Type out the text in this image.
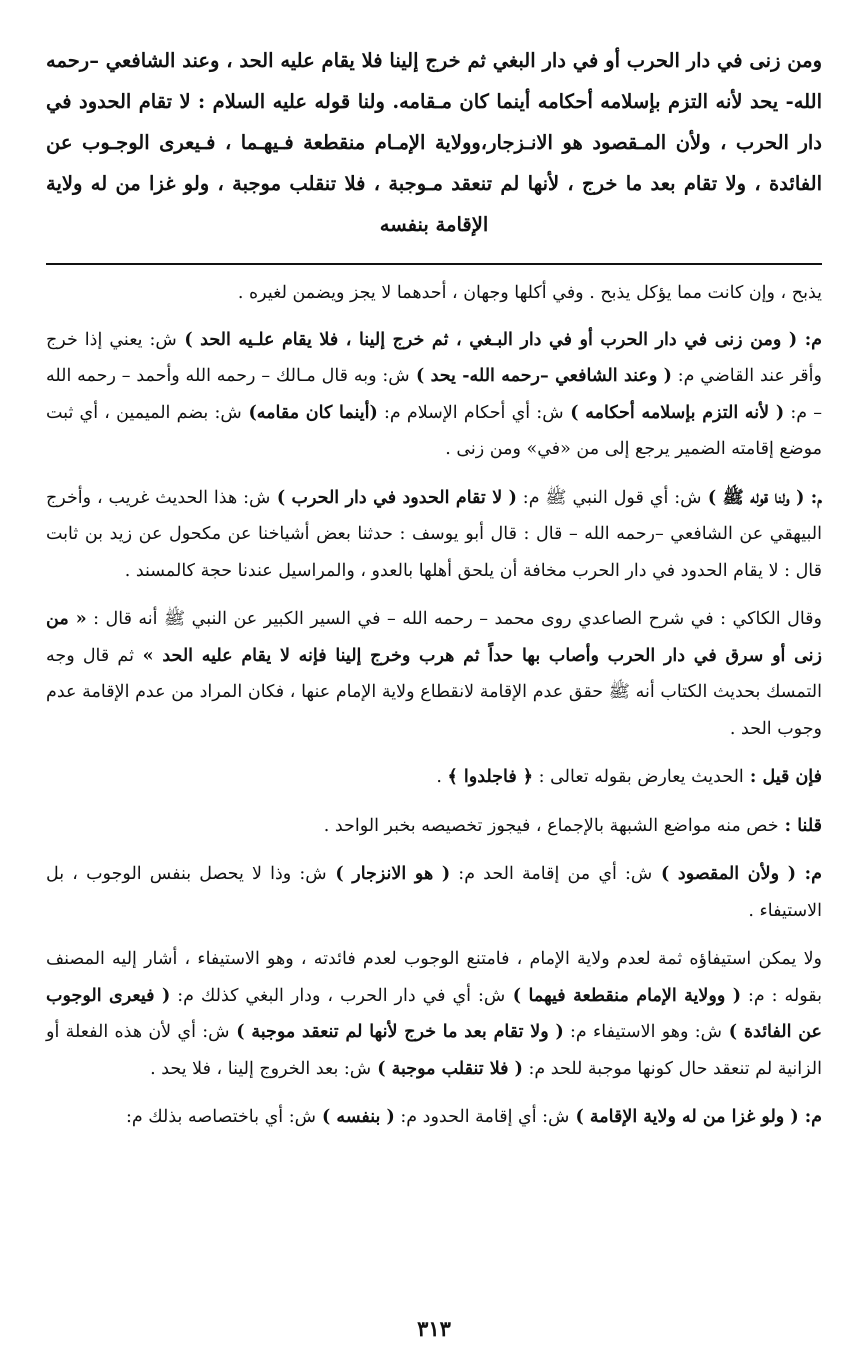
ومن زنى في دار الحرب أو في دار البغي ثم خرج إلينا فلا يقام عليه الحد ، وعند الشافعي –رحمه الله- يحد لأنه التزم بإسلامه أحكامه أينما كان مـقامه. ولنا قوله عليه السلام : لا تقام الحدود في دار الحرب ، ولأن المـقصود هو الانـزجار،وولاية الإمـام منقطعة فـيهـما ، فـيعرى الوجـوب عن الفائدة ، ولا تقام بعد ما خرج ، لأنها لم تنعقد مـوجبة ، فلا تنقلب موجبة ، ولو غزا من له ولاية الإقامة بنفسه

يذبح ، وإن كانت مما يؤكل يذبح . وفي أكلها وجهان ، أحدهما لا يجز ويضمن لغيره .

م: ( ومن زنى في دار الحرب أو في دار البـغي ، ثم خرج إلينا ، فلا يقام علـيه الحد ) ش: يعني إذا خرج وأقر عند القاضي م: ( وعند الشافعي –رحمه الله- يحد ) ش: وبه قال مـالك – رحمه الله وأحمد – رحمه الله – م: ( لأنه التزم بإسلامه أحكامه ) ش: أي أحكام الإسلام م: (أينما كان مقامه) ش: بضم الميمين ، أي ثبت موضع إقامته الضمير يرجع إلى من «في» ومن زنى .

م: ( ولنا قوله ﷺ ) ش: أي قول النبي ﷺ م: ( لا تقام الحدود في دار الحرب ) ش: هذا الحديث غريب ، وأخرج البيهقي عن الشافعي –رحمه الله – قال : قال أبو يوسف : حدثنا بعض أشياخنا عن مكحول عن زيد بن ثابت قال : لا يقام الحدود في دار الحرب مخافة أن يلحق أهلها بالعدو ، والمراسيل عندنا حجة كالمسند .

وقال الكاكي : في شرح الصاعدي روى محمد – رحمه الله – في السير الكبير عن النبي ﷺ أنه قال : « من زنى أو سرق في دار الحرب وأصاب بها حداً ثم هرب وخرج إلينا فإنه لا يقام عليه الحد » ثم قال وجه التمسك بحديث الكتاب أنه ﷺ حقق عدم الإقامة لانقطاع ولاية الإمام عنها ، فكان المراد من عدم الإقامة عدم وجوب الحد .

فإن قيل : الحديث يعارض بقوله تعالى : ﴿ فاجلدوا ﴾ .

قلنا : خص منه مواضع الشبهة بالإجماع ، فيجوز تخصيصه بخبر الواحد .

م: ( ولأن المقصود ) ش: أي من إقامة الحد م: ( هو الانزجار ) ش: وذا لا يحصل بنفس الوجوب ، بل الاستيفاء .

ولا يمكن استيفاؤه ثمة لعدم ولاية الإمام ، فامتنع الوجوب لعدم فائدته ، وهو الاستيفاء ، أشار إليه المصنف بقوله : م: ( وولاية الإمام منقطعة فيهما ) ش: أي في دار الحرب ، ودار البغي كذلك م: ( فيعرى الوجوب عن الفائدة ) ش: وهو الاستيفاء م: ( ولا تقام بعد ما خرج لأنها لم تنعقد موجبة ) ش: أي لأن هذه الفعلة أو الزانية لم تنعقد حال كونها موجبة للحد م: ( فلا تنقلب موجبة ) ش: بعد الخروج إلينا ، فلا يحد .

م: ( ولو غزا من له ولاية الإقامة ) ش: أي إقامة الحدود م: ( بنفسه ) ش: أي باختصاصه بذلك م:

٣١٣
